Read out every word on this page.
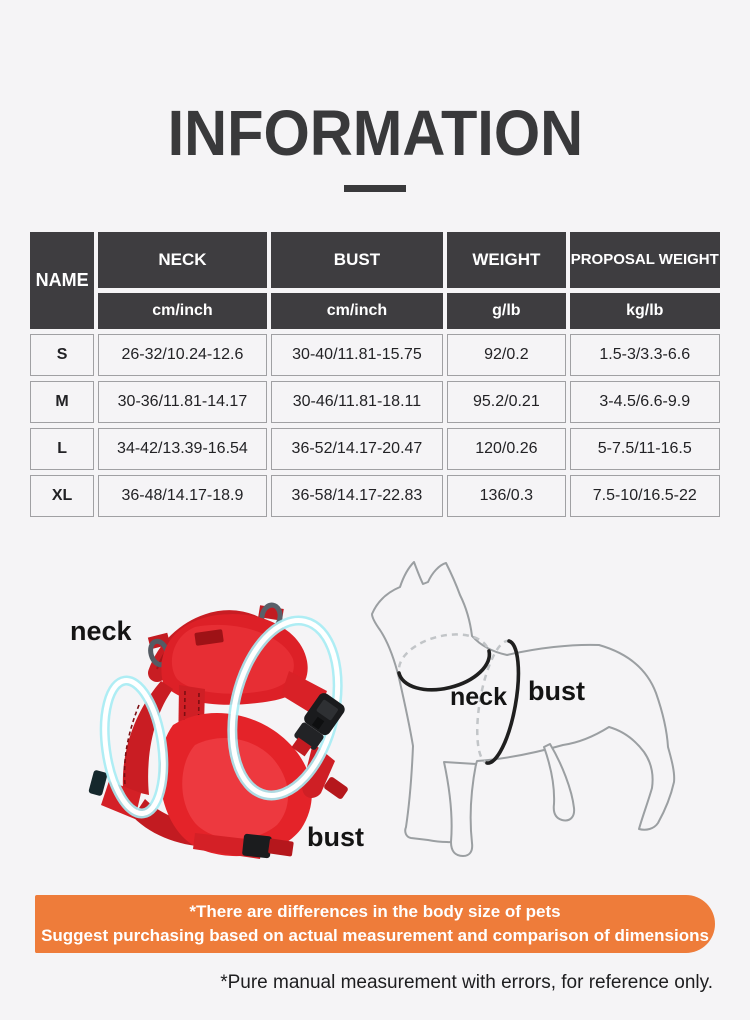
INFORMATION
NAME	NECK	BUST	WEIGHT	PROPOSAL WEIGHT
	cm/inch	cm/inch	g/lb	kg/lb
S	26-32/10.24-12.6	30-40/11.81-15.75	92/0.2	1.5-3/3.3-6.6
M	30-36/11.81-14.17	30-46/11.81-18.11	95.2/0.21	3-4.5/6.6-9.9
L	34-42/13.39-16.54	36-52/14.17-20.47	120/0.26	5-7.5/11-16.5
XL	36-48/14.17-18.9	36-58/14.17-22.83	136/0.3	7.5-10/16.5-22
neck
bust
neck bust
*There are differences in the body size of pets
Suggest purchasing based on actual measurement and comparison of dimensions
*Pure manual measurement with errors, for reference only.
